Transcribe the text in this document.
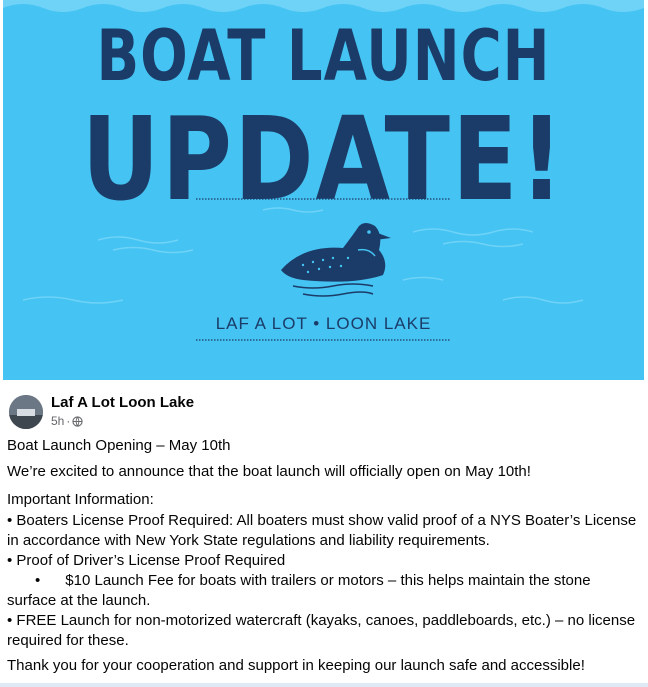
BOAT LAUNCH

UPDATE!

LAF A LOT • LOON LAKE

Laf A Lot Loon Lake

5h ·

Boat Launch Opening – May 10th

We’re excited to announce that the boat launch will officially open on May 10th!

Important Information:

• Boaters License Proof Required: All boaters must show valid proof of a NYS Boater’s License in accordance with New York State regulations and liability requirements.

• Proof of Driver’s License Proof Required

• $10 Launch Fee for boats with trailers or motors – this helps maintain the stone surface at the launch.

• FREE Launch for non-motorized watercraft (kayaks, canoes, paddleboards, etc.) – no license required for these.

Thank you for your cooperation and support in keeping our launch safe and accessible!
